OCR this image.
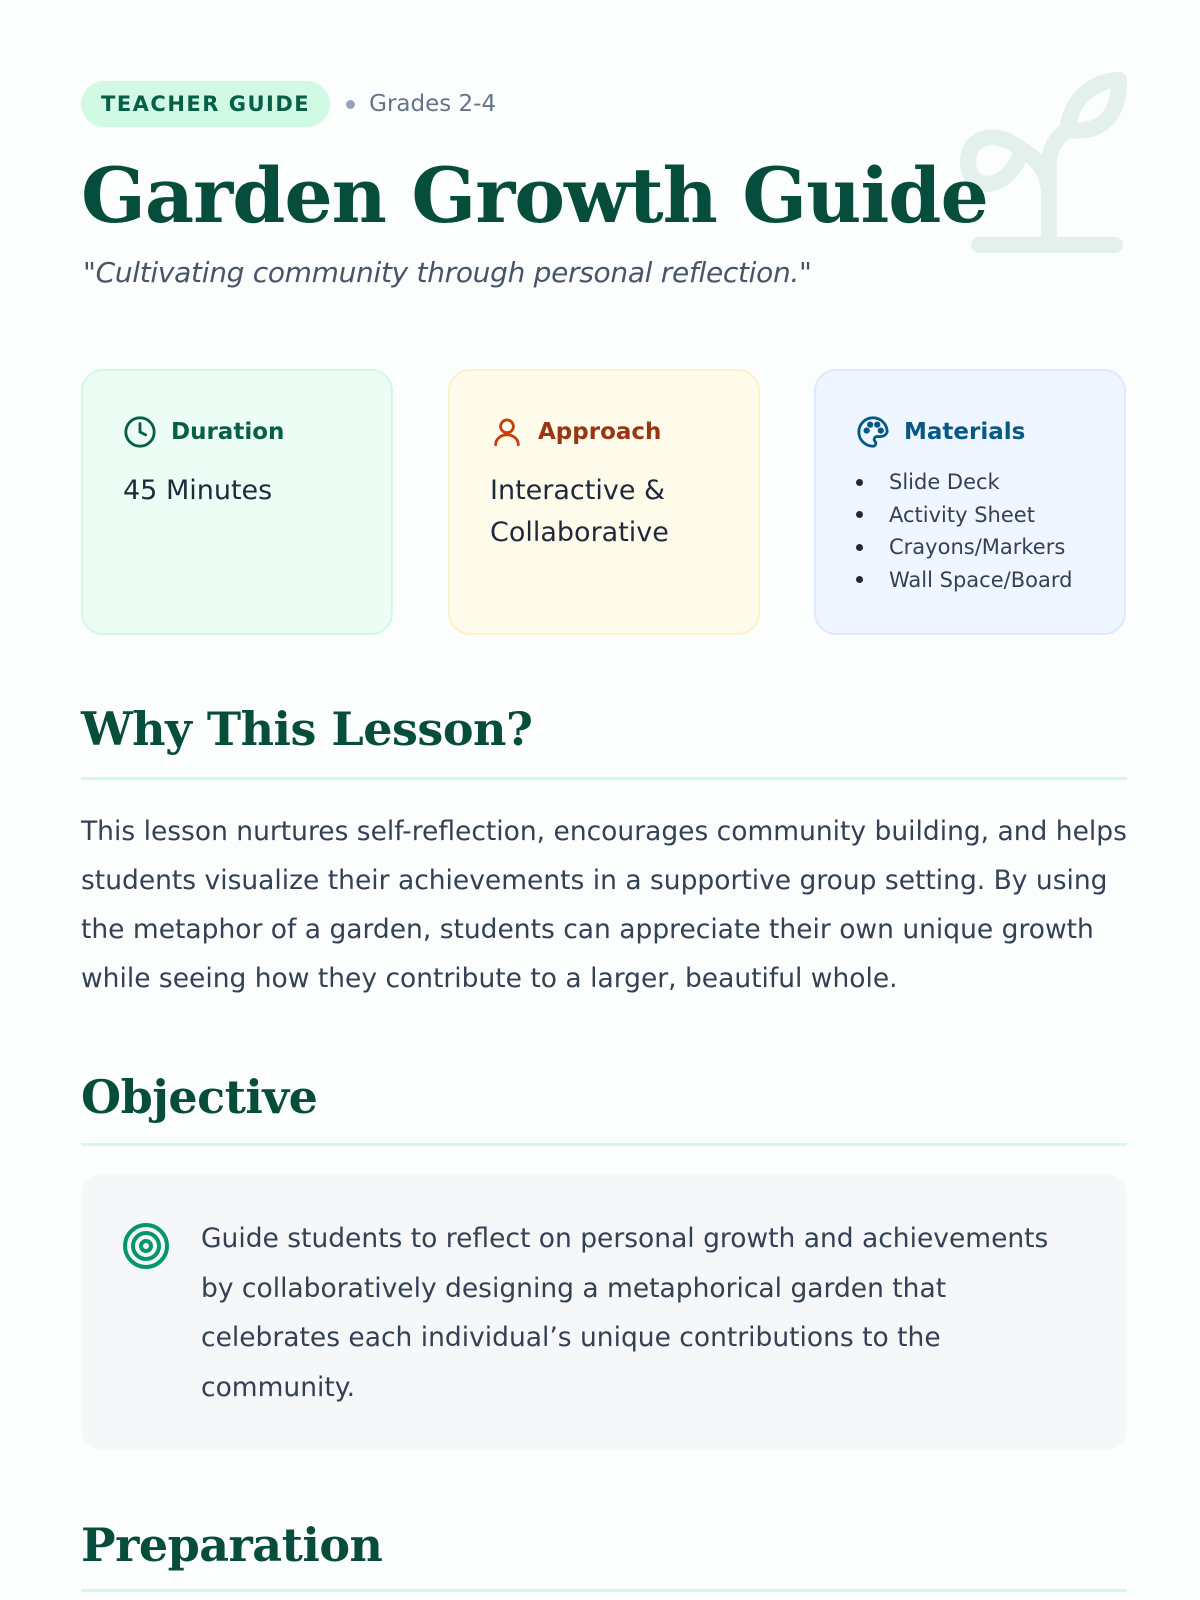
TEACHER GUIDE	Grades 2-4
Garden Growth Guide

"Cultivating community through personal reflection."

Duration
45 Minutes
Approach
Interactive & Collaborative
Materials
Slide Deck
Activity Sheet
Crayons/Markers
Wall Space/Board
Why This Lesson?

This lesson nurtures self-reflection, encourages community building, and helps students visualize their achievements in a supportive group setting. By using the metaphor of a garden, students can appreciate their own unique growth while seeing how they contribute to a larger, beautiful whole.

Objective

Guide students to reflect on personal growth and achievements by collaboratively designing a metaphorical garden that celebrates each individual’s unique contributions to the community.

Preparation
